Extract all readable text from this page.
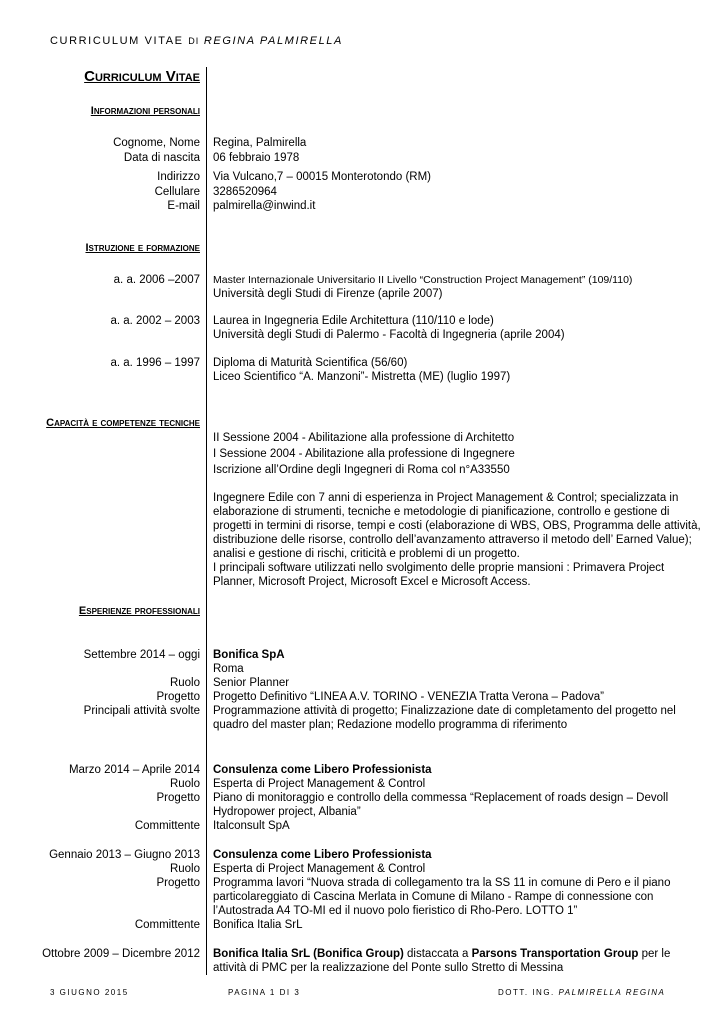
CURRICULUM VITAE DI REGINA PALMIRELLA
Curriculum Vitae
Informazioni personali
Cognome, Nome Regina, Palmirella
Data di nascita 06 febbraio 1978
Indirizzo Via Vulcano,7 – 00015 Monterotondo (RM)
Cellulare 3286520964
E-mail palmirella@inwind.it
Istruzione e formazione
a. a. 2006 –2007 Master Internazionale Universitario II Livello “Construction Project Management” (109/110)
Università degli Studi di Firenze (aprile 2007)
a. a. 2002 – 2003 Laurea in Ingegneria Edile Architettura (110/110 e lode)
Università degli Studi di Palermo - Facoltà di Ingegneria (aprile 2004)
a. a. 1996 – 1997 Diploma di Maturità Scientifica (56/60)
Liceo Scientifico “A. Manzoni”- Mistretta (ME) (luglio 1997)
Capacità e competenze tecniche
II Sessione 2004 - Abilitazione alla professione di Architetto
I Sessione 2004 - Abilitazione alla professione di Ingegnere
Iscrizione all’Ordine degli Ingegneri di Roma col n°A33550
Ingegnere Edile con 7 anni di esperienza in Project Management & Control; specializzata in elaborazione di strumenti, tecniche e metodologie di pianificazione, controllo e gestione di progetti in termini di risorse, tempi e costi (elaborazione di WBS, OBS, Programma delle attività, distribuzione delle risorse, controllo dell’avanzamento attraverso il metodo dell’ Earned Value); analisi e gestione di rischi, criticità e problemi di un progetto.
I principali software utilizzati nello svolgimento delle proprie mansioni : Primavera Project Planner, Microsoft Project, Microsoft Excel e Microsoft Access.
Esperienze professionali
Settembre 2014 – oggi Bonifica SpA
Roma
Ruolo Senior Planner
Progetto Progetto Definitivo “LINEA A.V. TORINO - VENEZIA Tratta Verona – Padova”
Principali attività svolte Programmazione attività di progetto; Finalizzazione date di completamento del progetto nel quadro del master plan; Redazione modello programma di riferimento
Marzo 2014 – Aprile 2014 Consulenza come Libero Professionista
Ruolo Esperta di Project Management & Control
Progetto Piano di monitoraggio e controllo della commessa “Replacement of roads design – Devoll Hydropower project, Albania”
Committente Italconsult SpA
Gennaio 2013 – Giugno 2013 Consulenza come Libero Professionista
Ruolo Esperta di Project Management & Control
Progetto Programma lavori “Nuova strada di collegamento tra la SS 11 in comune di Pero e il piano particolareggiato di Cascina Merlata in Comune di Milano - Rampe di connessione con l’Autostrada A4 TO-MI ed il nuovo polo fieristico di Rho-Pero. LOTTO 1”
Committente Bonifica Italia SrL
Ottobre 2009 – Dicembre 2012 Bonifica Italia SrL (Bonifica Group) distaccata a Parsons Transportation Group per le attività di PMC per la realizzazione del Ponte sullo Stretto di Messina
3 GIUGNO 2015	PAGINA 1 DI 3	DOTT. ING. PALMIRELLA REGINA
